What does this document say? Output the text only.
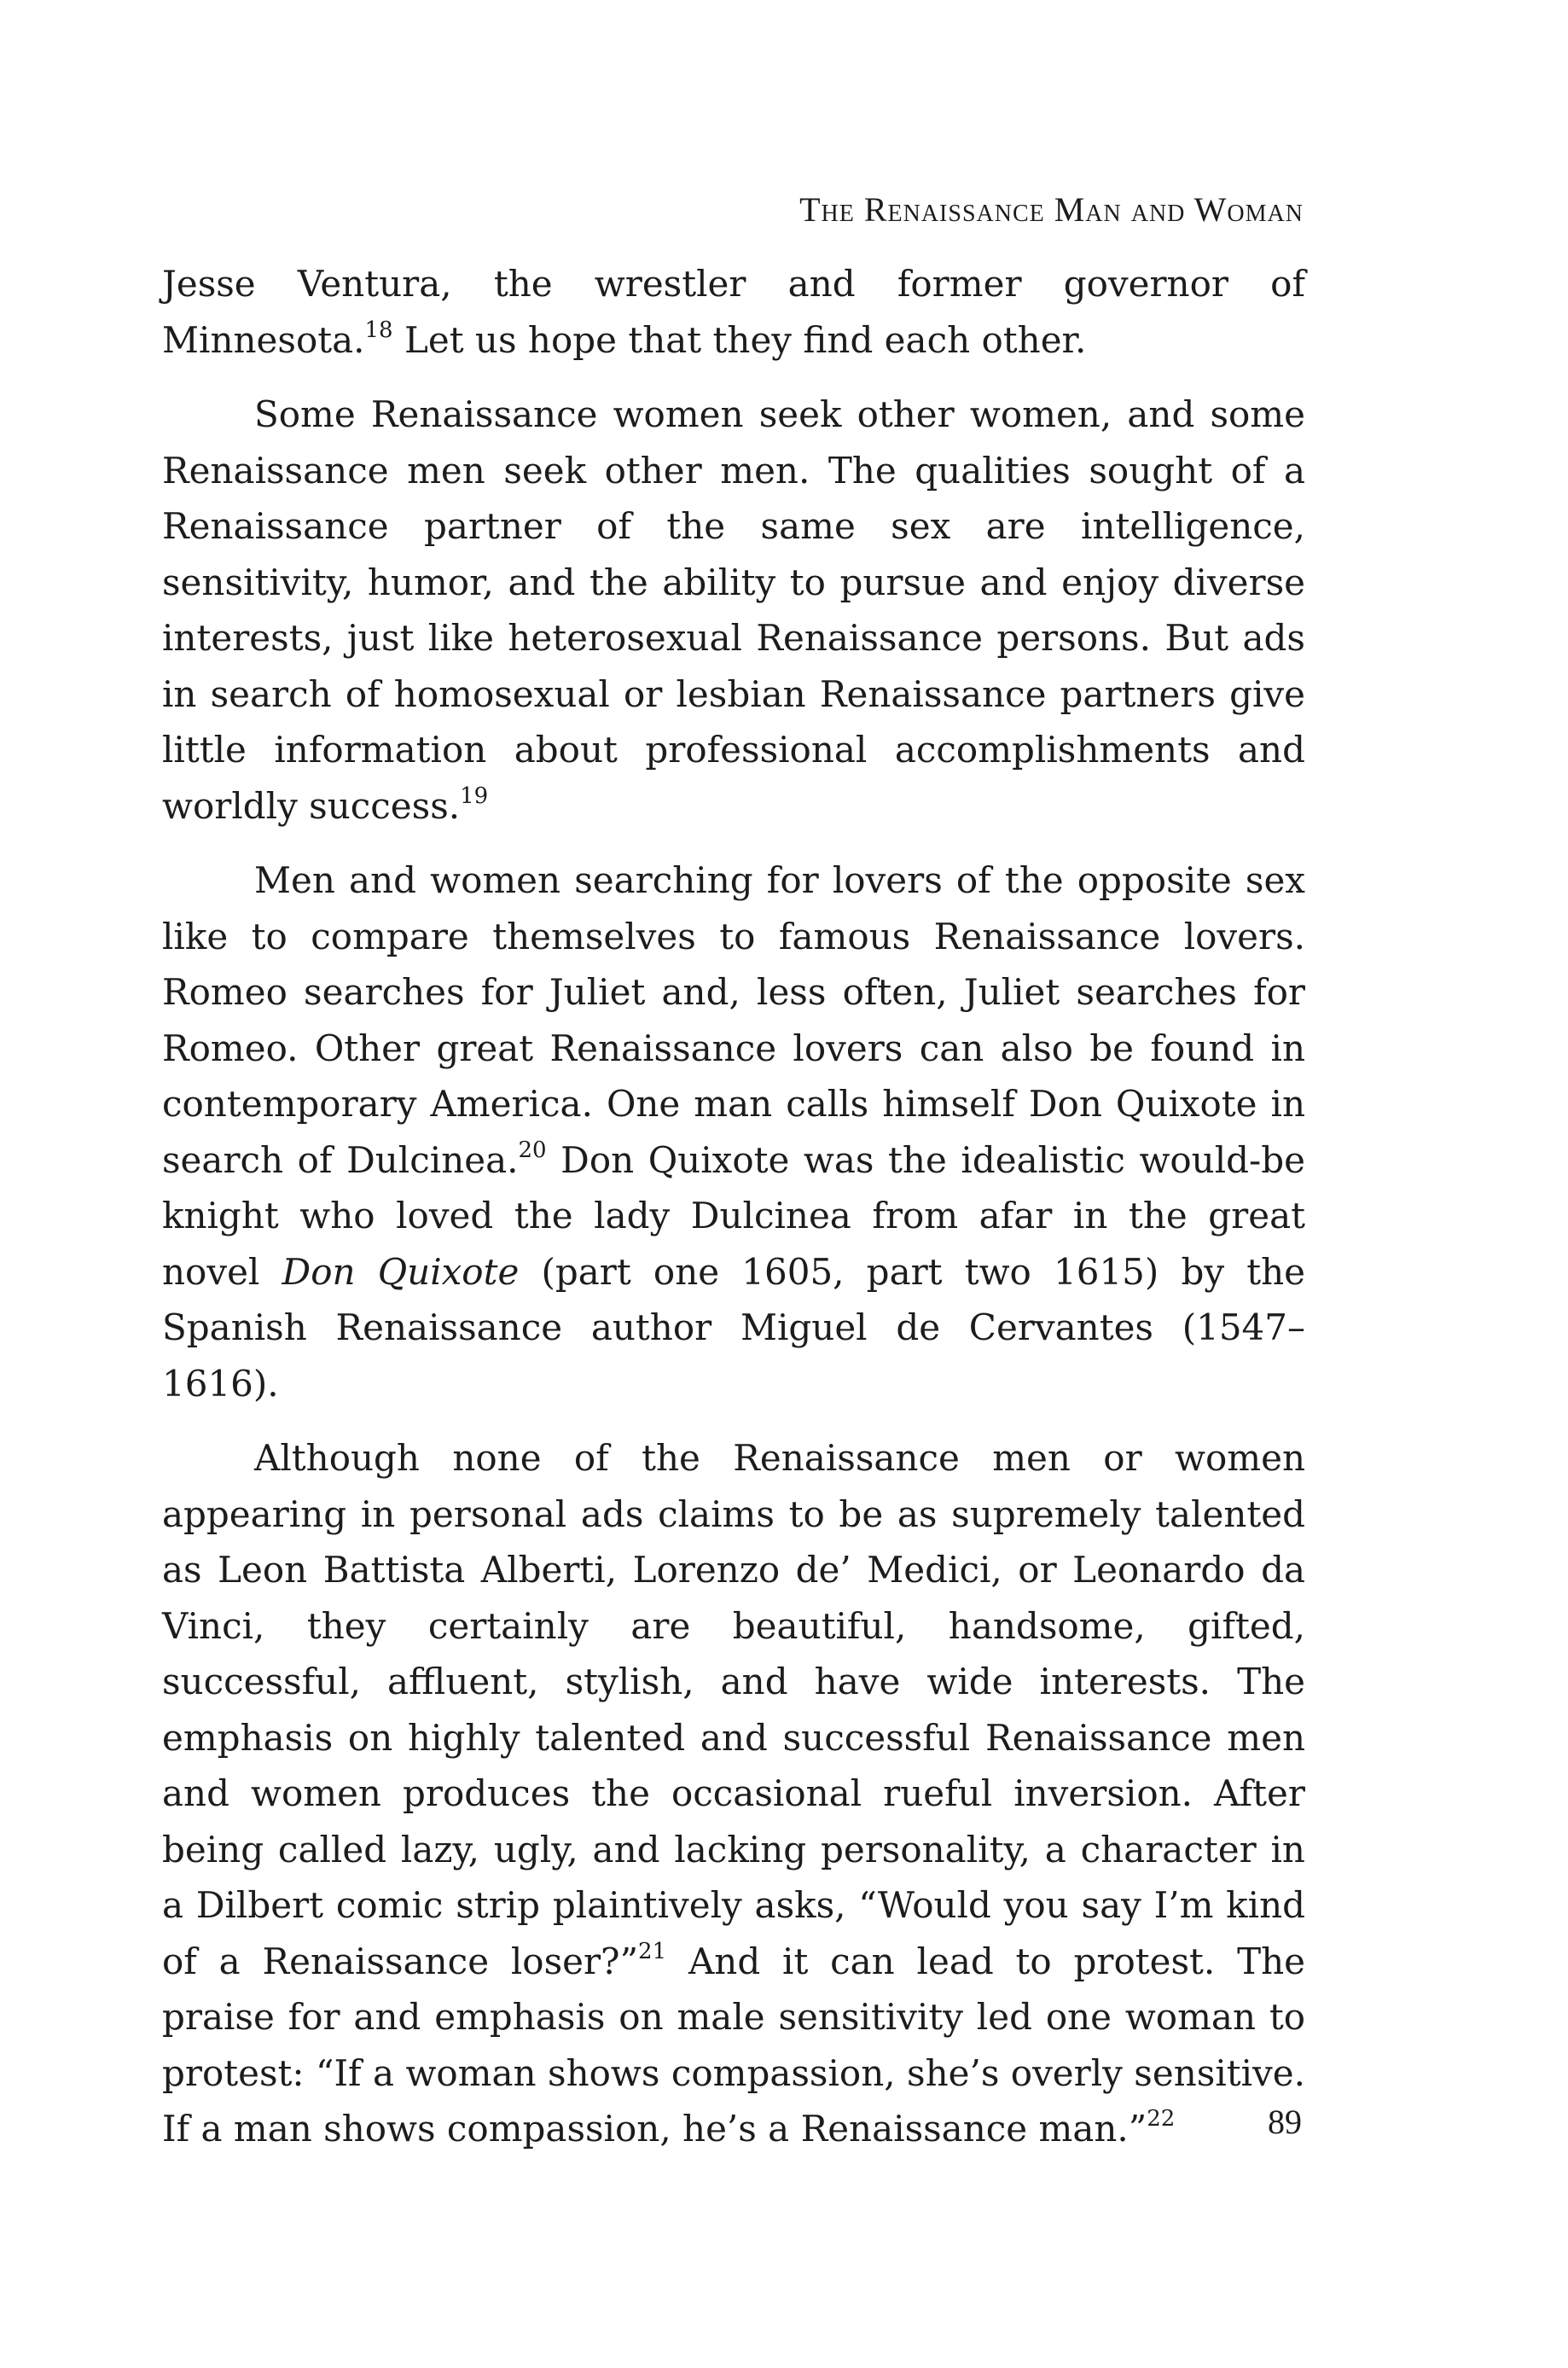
The Renaissance Man and Woman

Jesse Ventura, the wrestler and former governor of Minnesota.$^{18}$ Let us hope that they find each other.

Some Renaissance women seek other women, and some Renaissance men seek other men. The qualities sought of a Renaissance partner of the same sex are intelligence, sensitivity, humor, and the ability to pursue and enjoy diverse interests, just like heterosexual Renaissance persons. But ads in search of homosexual or lesbian Renaissance partners give little information about professional accomplishments and worldly success.$^{19}$

Men and women searching for lovers of the opposite sex like to compare themselves to famous Renaissance lovers. Romeo searches for Juliet and, less often, Juliet searches for Romeo. Other great Renaissance lovers can also be found in contemporary America. One man calls himself Don Quixote in search of Dulcinea.$^{20}$ Don Quixote was the idealistic would-be knight who loved the lady Dulcinea from afar in the great novel Don Quixote (part one 1605, part two 1615) by the Spanish Renaissance author Miguel de Cervantes (1547–1616).

Although none of the Renaissance men or women appearing in personal ads claims to be as supremely talented as Leon Battista Alberti, Lorenzo de’ Medici, or Leonardo da Vinci, they certainly are beautiful, handsome, gifted, successful, affluent, stylish, and have wide interests. The emphasis on highly talented and successful Renaissance men and women produces the occasional rueful inversion. After being called lazy, ugly, and lacking personality, a character in a Dilbert comic strip plaintively asks, “Would you say I’m kind of a Renaissance loser?”$^{21}$ And it can lead to protest. The praise for and emphasis on male sensitivity led one woman to protest: “If a woman shows compassion, she’s overly sensitive. If a man shows compassion, he’s a Renaissance man.”$^{22}$	89
